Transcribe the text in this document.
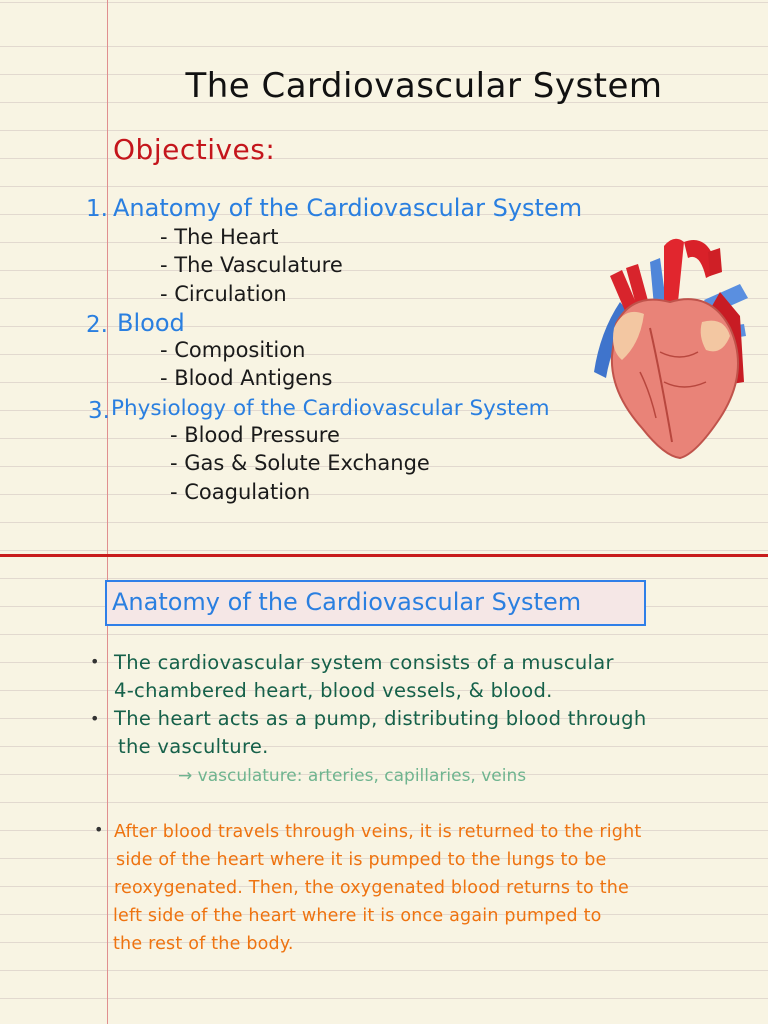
The Cardiovascular System
Objectives:
1. Anatomy of the Cardiovascular System
- The Heart
- The Vasculature
- Circulation
2. Blood
- Composition
- Blood Antigens
3. Physiology of the Cardiovascular System
- Blood Pressure
- Gas & Solute Exchange
- Coagulation
Anatomy of the Cardiovascular System
• The cardiovascular system consists of a muscular
4-chambered heart, blood vessels, & blood.
• The heart acts as a pump, distributing blood through
the vasculture.
→ vasculature: arteries, capillaries, veins
• After blood travels through veins, it is returned to the right
side of the heart where it is pumped to the lungs to be
reoxygenated. Then, the oxygenated blood returns to the
left side of the heart where it is once again pumped to
the rest of the body.
